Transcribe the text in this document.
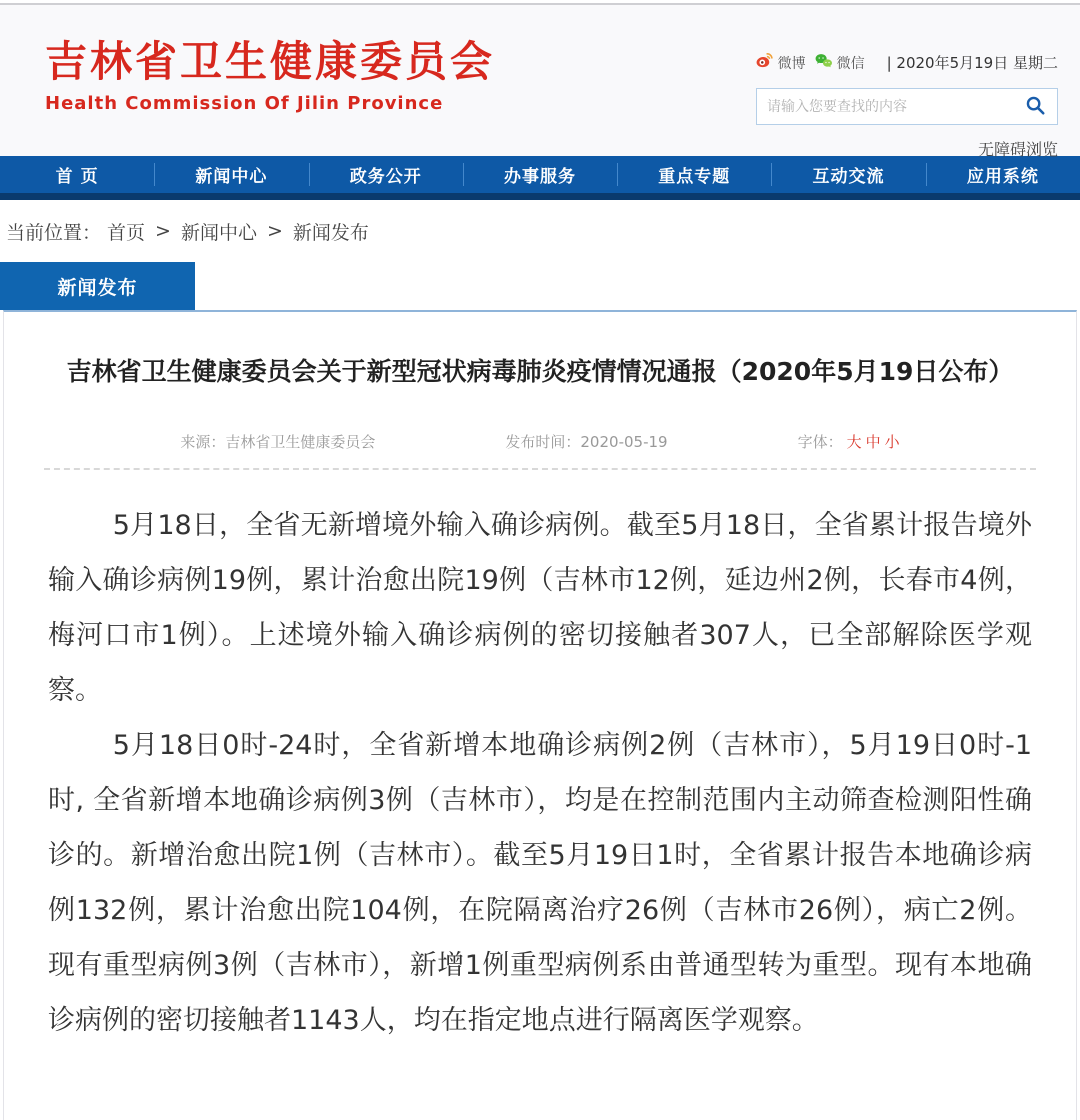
吉林省卫生健康委员会
Health Commission Of Jilin Province
微博 微信 | 2020年5月19日 星期二
请输入您要查找的内容
无障碍浏览
首 页	新闻中心	政务公开	办事服务	重点专题	互动交流	应用系统
当前位置： 首页 > 新闻中心 > 新闻发布
新闻发布
吉林省卫生健康委员会关于新型冠状病毒肺炎疫情情况通报（2020年5月19日公布）
来源：吉林省卫生健康委员会	发布时间：2020-05-19	字体： 大 中 小

5月18日，全省无新增境外输入确诊病例。截至5月18日，全省累计报告境外输入确诊病例19例，累计治愈出院19例（吉林市12例，延边州2例，长春市4例，梅河口市1例）。上述境外输入确诊病例的密切接触者307人，已全部解除医学观察。

5月18日0时-24时，全省新增本地确诊病例2例（吉林市），5月19日0时-1时, 全省新增本地确诊病例3例（吉林市），均是在控制范围内主动筛查检测阳性确诊的。新增治愈出院1例（吉林市）。截至5月19日1时，全省累计报告本地确诊病例132例，累计治愈出院104例，在院隔离治疗26例（吉林市26例），病亡2例。现有重型病例3例（吉林市），新增1例重型病例系由普通型转为重型。现有本地确诊病例的密切接触者1143人，均在指定地点进行隔离医学观察。
